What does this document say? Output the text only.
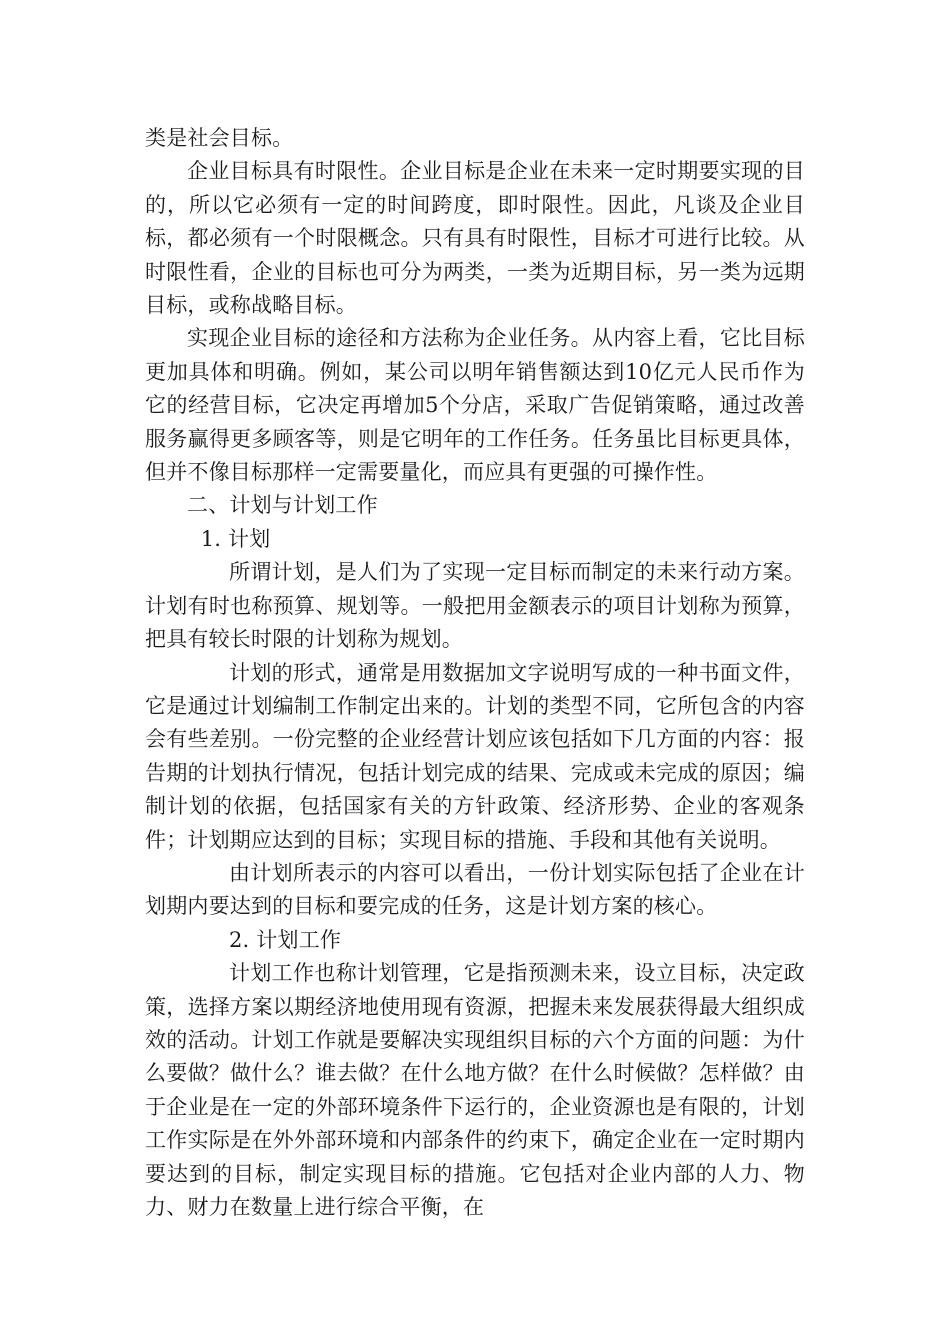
类是社会目标。

企业目标具有时限性。企业目标是企业在未来一定时期要实现的目的，所以它必须有一定的时间跨度，即时限性。因此，凡谈及企业目标，都必须有一个时限概念。只有具有时限性，目标才可进行比较。从时限性看，企业的目标也可分为两类，一类为近期目标，另一类为远期目标，或称战略目标。

实现企业目标的途径和方法称为企业任务。从内容上看，它比目标更加具体和明确。例如，某公司以明年销售额达到10亿元人民币作为它的经营目标，它决定再增加5个分店，采取广告促销策略，通过改善服务赢得更多顾客等，则是它明年的工作任务。任务虽比目标更具体，但并不像目标那样一定需要量化，而应具有更强的可操作性。

二、计划与计划工作

1. 计划

所谓计划，是人们为了实现一定目标而制定的未来行动方案。计划有时也称预算、规划等。一般把用金额表示的项目计划称为预算，把具有较长时限的计划称为规划。

计划的形式，通常是用数据加文字说明写成的一种书面文件，它是通过计划编制工作制定出来的。计划的类型不同，它所包含的内容会有些差别。一份完整的企业经营计划应该包括如下几方面的内容：报告期的计划执行情况，包括计划完成的结果、完成或未完成的原因；编制计划的依据，包括国家有关的方针政策、经济形势、企业的客观条件；计划期应达到的目标；实现目标的措施、手段和其他有关说明。

由计划所表示的内容可以看出，一份计划实际包括了企业在计划期内要达到的目标和要完成的任务，这是计划方案的核心。

2. 计划工作

计划工作也称计划管理，它是指预测未来，设立目标，决定政策，选择方案以期经济地使用现有资源，把握未来发展获得最大组织成效的活动。计划工作就是要解决实现组织目标的六个方面的问题：为什么要做？做什么？谁去做？在什么地方做？在什么时候做？怎样做？由于企业是在一定的外部环境条件下运行的，企业资源也是有限的，计划工作实际是在外外部环境和内部条件的约束下，确定企业在一定时期内要达到的目标，制定实现目标的措施。它包括对企业内部的人力、物力、财力在数量上进行综合平衡，在
